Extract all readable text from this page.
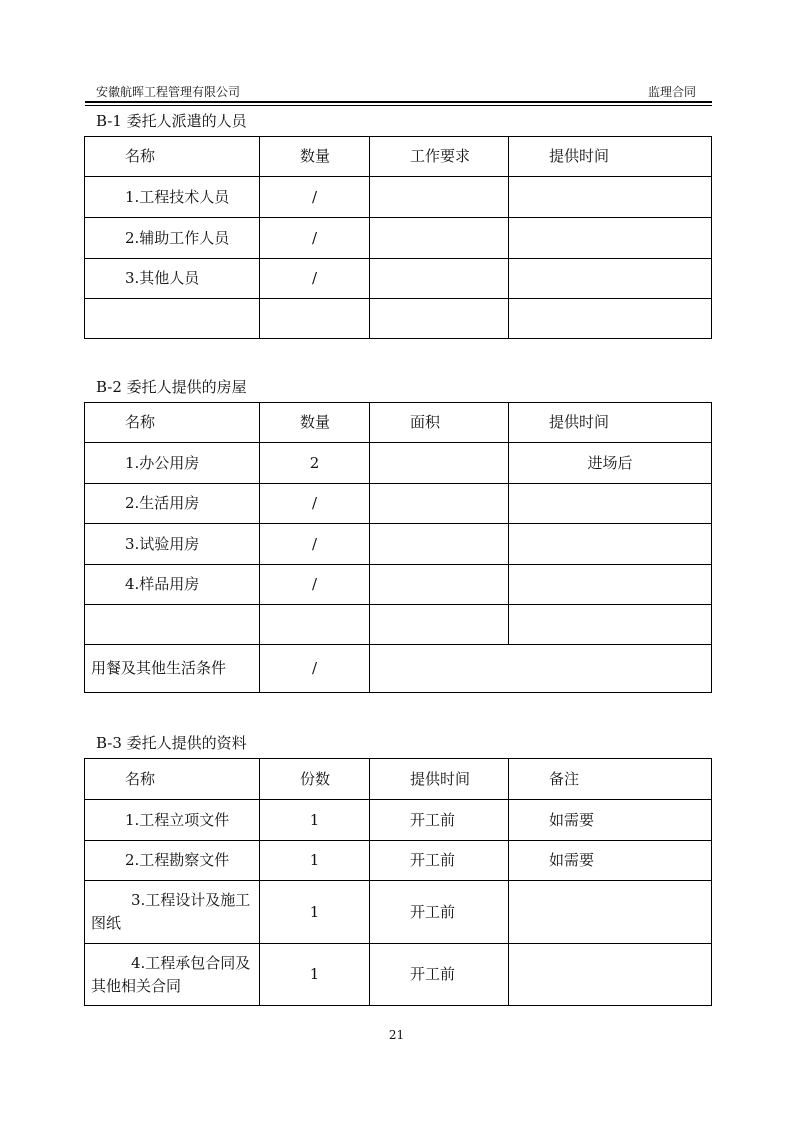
安徽航晖工程管理有限公司	监理合同
B-1 委托人派遣的人员
名称	数量	工作要求	提供时间
1.工程技术人员	/		
2.辅助工作人员	/		
3.其他人员	/		

B-2 委托人提供的房屋
名称	数量	面积	提供时间
1.办公用房	2		进场后
2.生活用房	/		
3.试验用房	/		
4.样品用房	/		

用餐及其他生活条件	/		
B-3 委托人提供的资料
名称	份数	提供时间	备注
1.工程立项文件	1	开工前	如需要
2.工程勘察文件	1	开工前	如需要
3.工程设计及施工图纸	1	开工前	
4.工程承包合同及其他相关合同	1	开工前	
21
